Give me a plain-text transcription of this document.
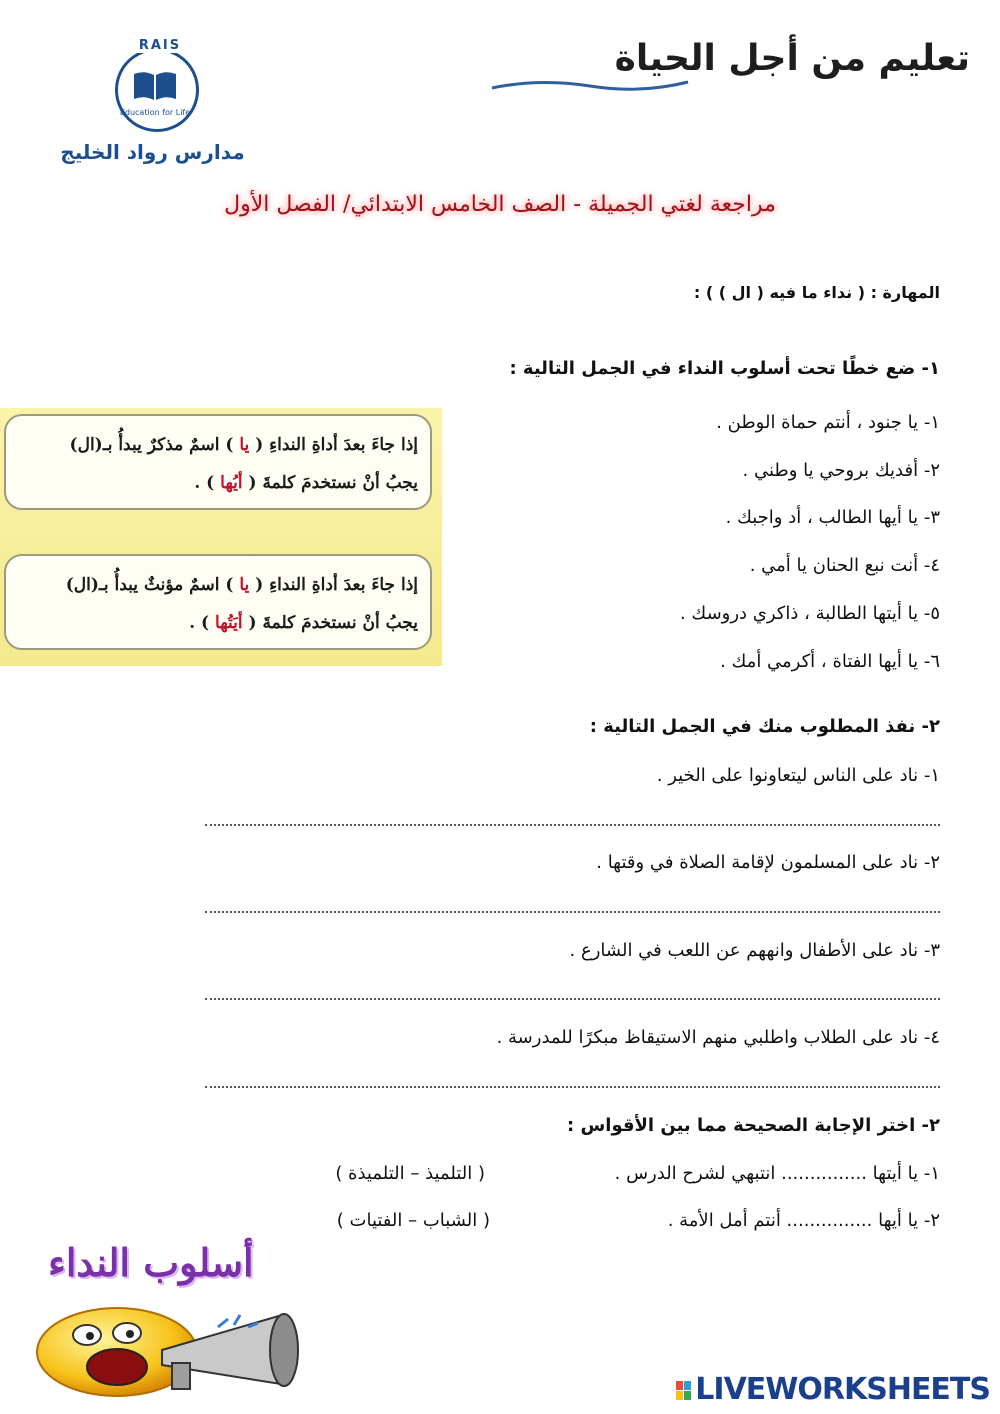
RAIS
Education for Life
مدارس رواد الخليج
تعليم من أجل الحياة
مراجعة لغتي الجميلة - الصف الخامس الابتدائي/ الفصل الأول
المهارة : ( نداء ما فيه ( ال ) ) :
١- ضع خطًا تحت أسلوب النداء في الجمل التالية :
١- يا جنود ، أنتم حماة الوطن .
٢- أفديك بروحي يا وطني .
٣- يا أيها الطالب ، أد واجبك .
٤- أنت نبع الحنان يا أمي .
٥- يا أيتها الطالبة ، ذاكري دروسك .
٦- يا أيها الفتاة ، أكرمي أمك .
إذا جاءَ بعدَ أداةِ النداءِ ( يا ) اسمٌ مذكرٌ يبدأُ بـ(ال)
يجبُ أنْ نستخدمَ كلمةَ ( أيُها ) .
إذا جاءَ بعدَ أداةِ النداءِ ( يا ) اسمٌ مؤنثٌ يبدأُ بـ(ال)
يجبُ أنْ نستخدمَ كلمةَ ( أيَتُها ) .
٢- نفذ المطلوب منك في الجمل التالية :
١- ناد على الناس ليتعاونوا على الخير .
٢- ناد على المسلمون لإقامة الصلاة في وقتها .
٣- ناد على الأطفال وانههم عن اللعب في الشارع .
٤- ناد على الطلاب واطلبي منهم الاستيقاظ مبكرًا للمدرسة .
٢- اختر الإجابة الصحيحة مما بين الأقواس :
١- يا أيتها ............... انتبهي لشرح الدرس .
( التلميذ – التلميذة )
٢- يا أيها ............... أنتم أمل الأمة .
( الشباب – الفتيات )
أسلوب النداء
LIVEWORKSHEETS
